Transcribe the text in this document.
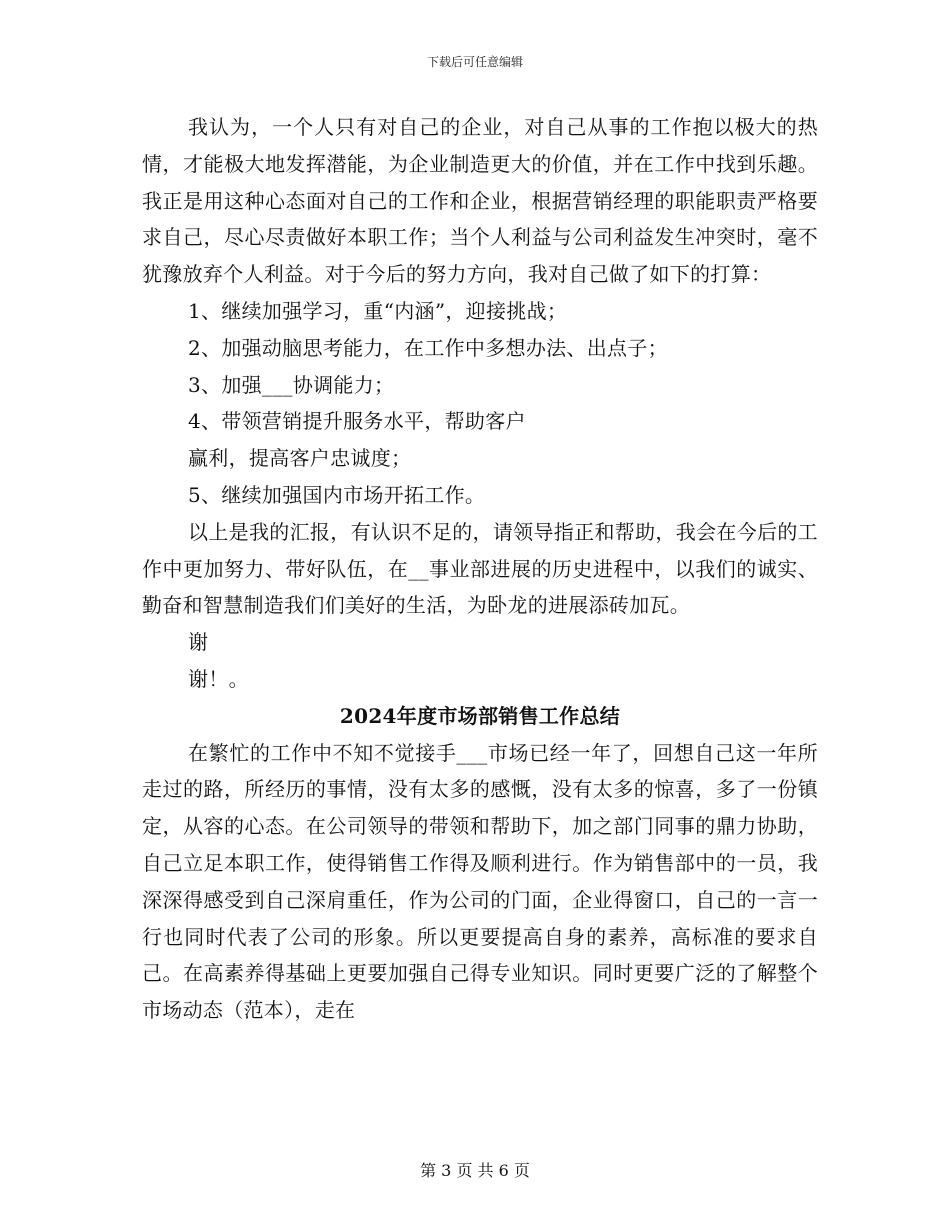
下载后可任意编辑

我认为，一个人只有对自己的企业，对自己从事的工作抱以极大的热情，才能极大地发挥潜能，为企业制造更大的价值，并在工作中找到乐趣。我正是用这种心态面对自己的工作和企业，根据营销经理的职能职责严格要求自己，尽心尽责做好本职工作；当个人利益与公司利益发生冲突时，毫不犹豫放弃个人利益。对于今后的努力方向，我对自己做了如下的打算：

1、继续加强学习，重“内涵”，迎接挑战；

2、加强动脑思考能力，在工作中多想办法、出点子；

3、加强___协调能力；

4、带领营销提升服务水平，帮助客户

赢利，提高客户忠诚度；

5、继续加强国内市场开拓工作。

以上是我的汇报，有认识不足的，请领导指正和帮助，我会在今后的工作中更加努力、带好队伍，在__事业部进展的历史进程中，以我们的诚实、勤奋和智慧制造我们们美好的生活，为卧龙的进展添砖加瓦。

谢

谢！。

2024年度市场部销售工作总结

在繁忙的工作中不知不觉接手___市场已经一年了，回想自己这一年所走过的路，所经历的事情，没有太多的感慨，没有太多的惊喜，多了一份镇定，从容的心态。在公司领导的带领和帮助下，加之部门同事的鼎力协助，自己立足本职工作，使得销售工作得及顺利进行。作为销售部中的一员，我深深得感受到自己深肩重任，作为公司的门面，企业得窗口，自己的一言一行也同时代表了公司的形象。所以更要提高自身的素养，高标准的要求自己。在高素养得基础上更要加强自己得专业知识。同时更要广泛的了解整个市场动态（范本），走在

第 3 页 共 6 页
